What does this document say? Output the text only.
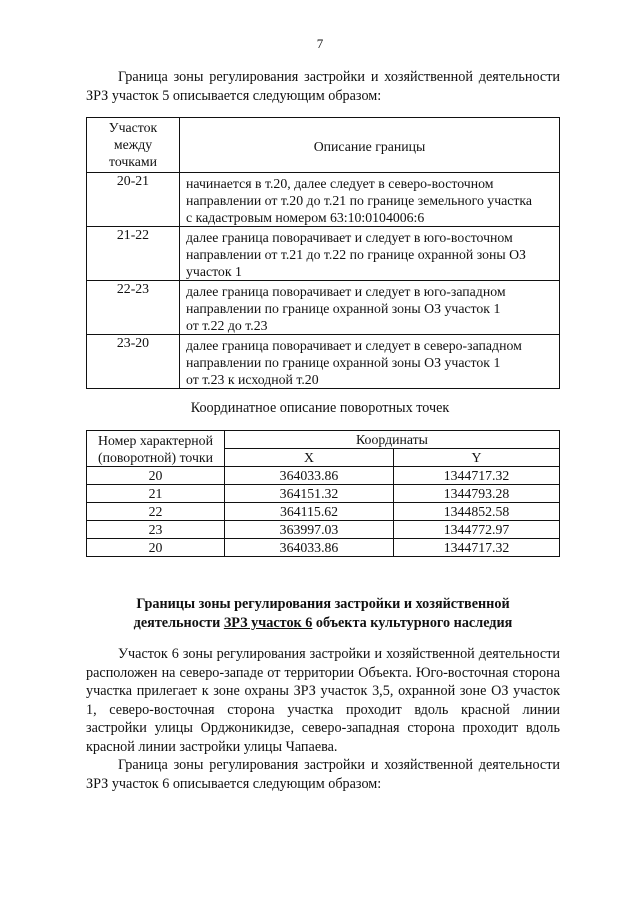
7
Граница зоны регулирования застройки и хозяйственной деятельности ЗРЗ участок 5 описывается следующим образом:
Участок
между
точками	Описание границы
20-21	начинается в т.20, далее следует в северо-восточном
направлении от т.20 до т.21 по границе земельного участка
с кадастровым номером 63:10:0104006:6

21-22	далее граница поворачивает и следует в юго-восточном
направлении от т.21 до т.22 по границе охранной зоны ОЗ
участок 1

22-23	далее граница поворачивает и следует в юго-западном
направлении по границе охранной зоны ОЗ участок 1
от т.22 до т.23

23-20	далее граница поворачивает и следует в северо-западном
направлении по границе охранной зоны ОЗ участок 1
от т.23 к исходной т.20
Координатное описание поворотных точек
Номер характерной
(поворотной) точки	Координаты	
	X	Y
20	364033.86	1344717.32
21	364151.32	1344793.28
22	364115.62	1344852.58
23	363997.03	1344772.97
20	364033.86	1344717.32
Границы зоны регулирования застройки и хозяйственной
деятельности ЗРЗ участок 6 объекта культурного наследия
Участок 6 зоны регулирования застройки и хозяйственной деятельности расположен на северо-западе от территории Объекта. Юго-восточная сторона участка прилегает к зоне охраны ЗРЗ участок 3,5, охранной зоне ОЗ участок 1, северо-восточная сторона участка проходит вдоль красной линии застройки улицы Орджоникидзе, северо-западная сторона проходит вдоль красной линии застройки улицы Чапаева.
Граница зоны регулирования застройки и хозяйственной деятельности ЗРЗ участок 6 описывается следующим образом:
